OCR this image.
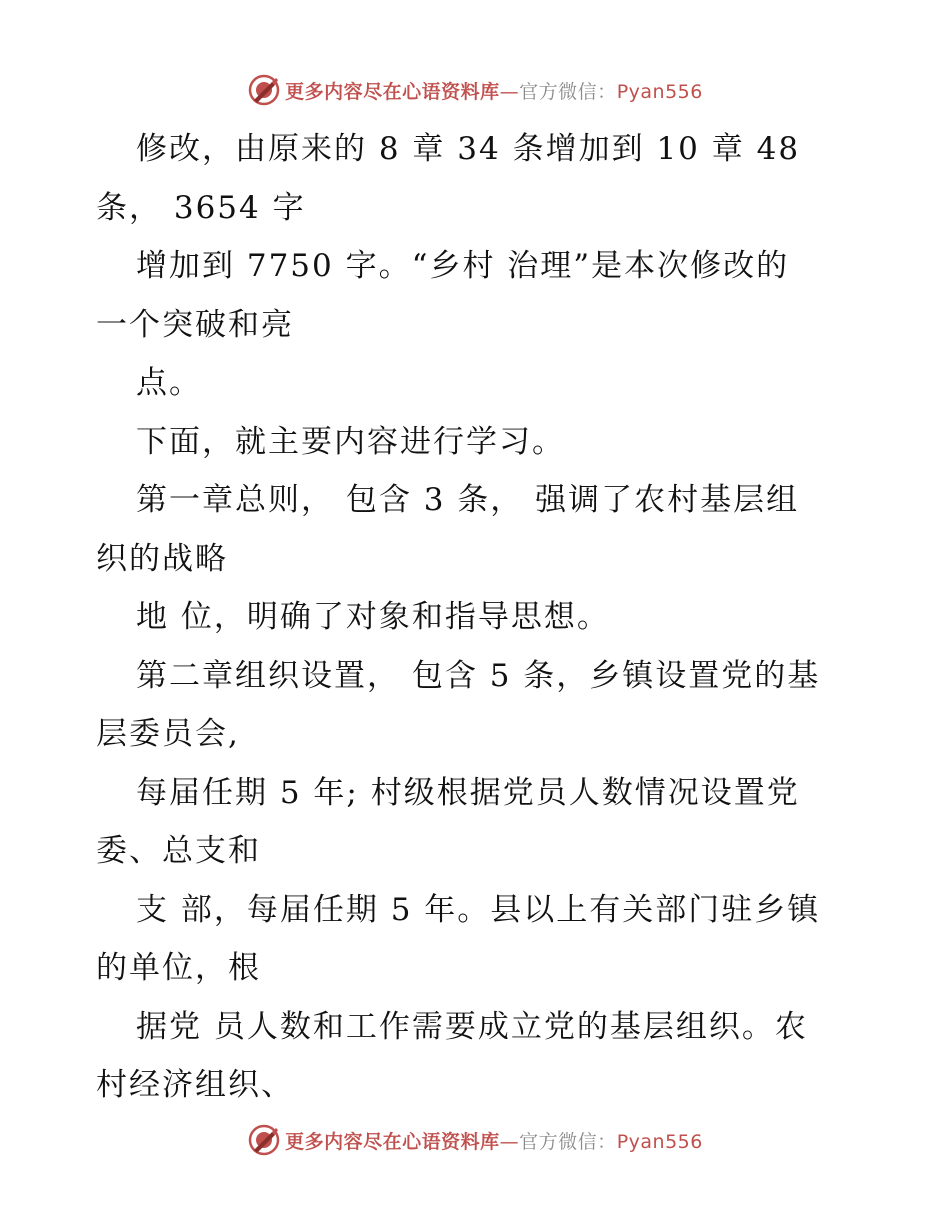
更多内容尽在心语资料库—官方微信：Pyan556
修改，由原来的 8 章 34 条增加到 10 章 48
条， 3654 字
增加到 7750 字。“乡村 治理”是本次修改的
一个突破和亮
点。
下面，就主要内容进行学习。
第一章总则， 包含 3 条， 强调了农村基层组
织的战略
地 位，明确了对象和指导思想。
第二章组织设置， 包含 5 条，乡镇设置党的基
层委员会,
每届任期 5 年; 村级根据党员人数情况设置党
委、总支和
支 部，每届任期 5 年。县以上有关部门驻乡镇
的单位，根
据党 员人数和工作需要成立党的基层组织。农
村经济组织、
更多内容尽在心语资料库—官方微信：Pyan556
